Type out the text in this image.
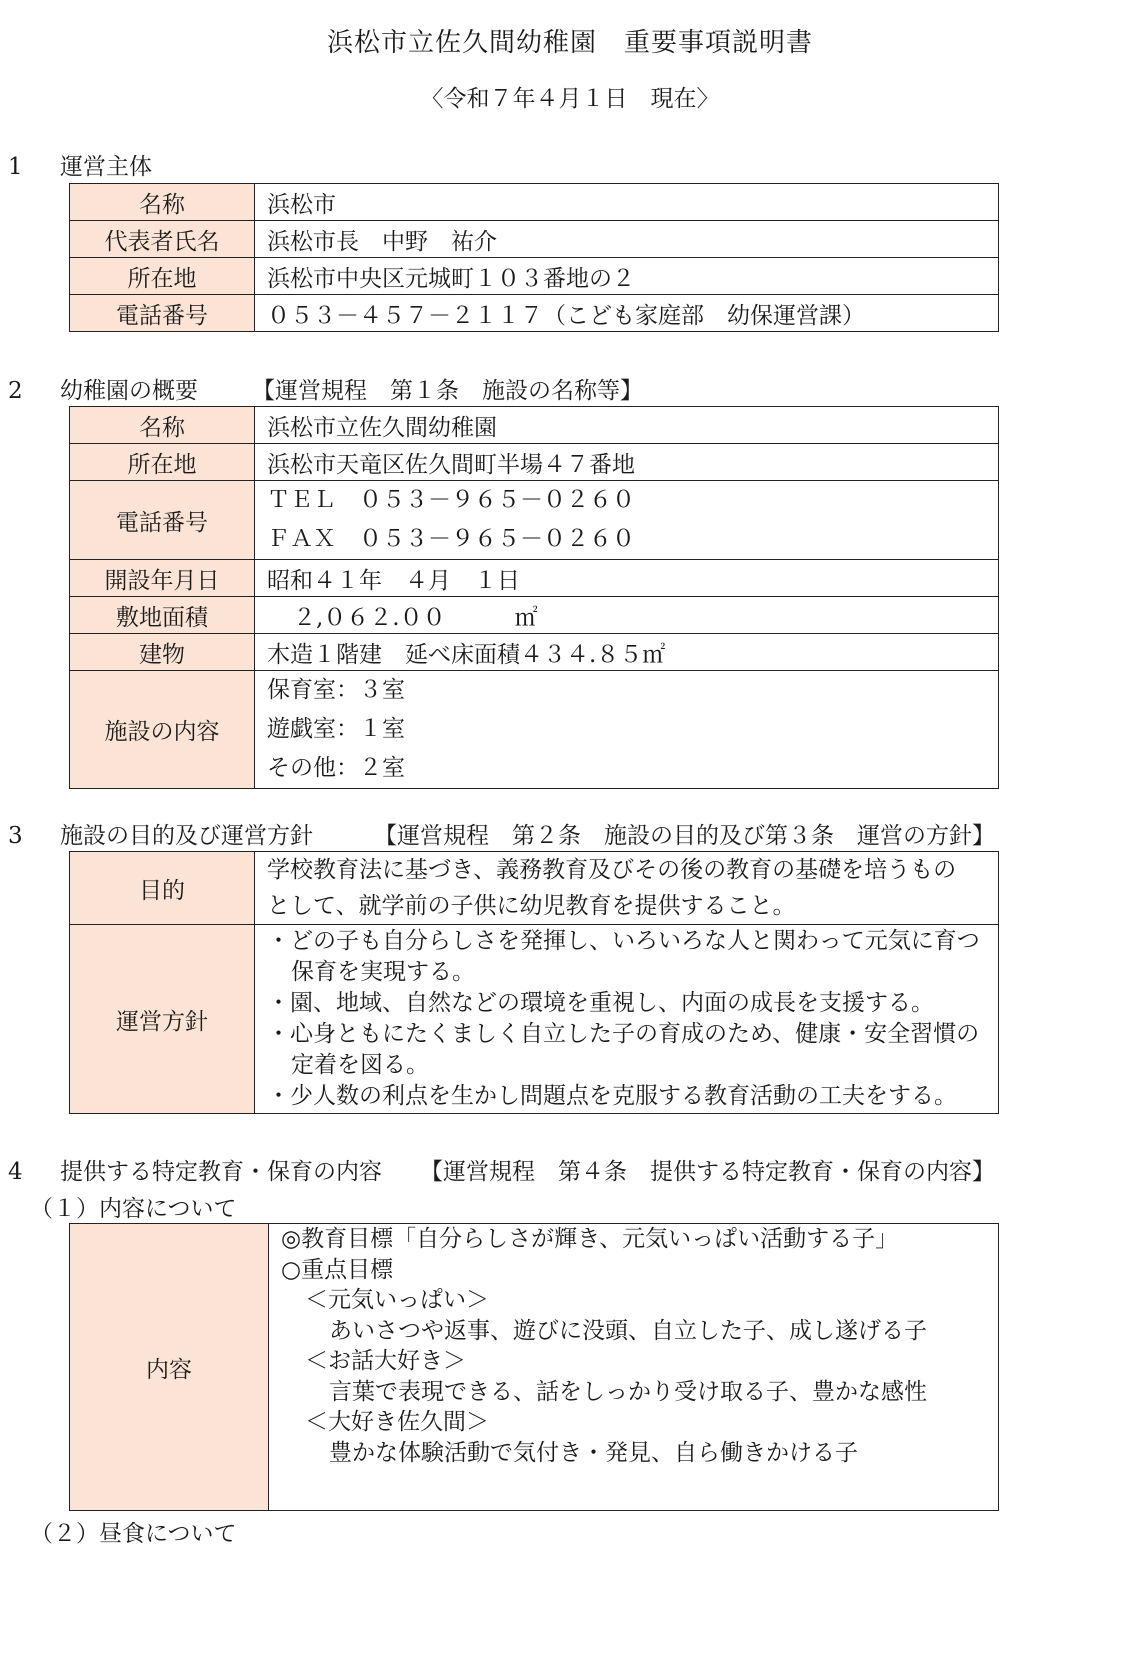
浜松市立佐久間幼稚園　重要事項説明書
〈令和７年４月１日　現在〉
1 運営主体
名称	浜松市
代表者氏名	浜松市長　中野　祐介
所在地	浜松市中央区元城町１０３番地の２
電話番号	０５３－４５７－２１１７（こども家庭部　幼保運営課）
2 幼稚園の概要 【運営規程　第１条　施設の名称等】
名称	浜松市立佐久間幼稚園
所在地	浜松市天竜区佐久間町半場４７番地
電話番号	ＴＥＬ　０５３－９６５－０２６０
ＦＡＸ　０５３－９６５－０２６０

開設年月日	昭和４１年　４月　１日
敷地面積	２,０６２.００　　　㎡
建物	木造１階建　延べ床面積４３４.８５㎡
施設の内容	保育室：３室
遊戯室：１室
その他：２室
3 施設の目的及び運営方針	【運営規程　第２条　施設の目的及び第３条　運営の方針】
目的	学校教育法に基づき、義務教育及びその後の教育の基礎を培うもの
として、就学前の子供に幼児教育を提供すること。

運営方針	・どの子も自分らしさを発揮し、いろいろな人と関わって元気に育つ保育を実現する。
・園、地域、自然などの環境を重視し、内面の成長を支援する。
・心身ともにたくましく自立した子の育成のため、健康・安全習慣の定着を図る。
・少人数の利点を生かし問題点を克服する教育活動の工夫をする。
4 提供する特定教育・保育の内容 【運営規程　第４条　提供する特定教育・保育の内容】
（１）内容について
内容	
◎教育目標「自分らしさが輝き、元気いっぱい活動する子」
○重点目標
＜元気いっぱい＞
あいさつや返事、遊びに没頭、自立した子、成し遂げる子
＜お話大好き＞
言葉で表現できる、話をしっかり受け取る子、豊かな感性
＜大好き佐久間＞
豊かな体験活動で気付き・発見、自ら働きかける子
（２）昼食について
